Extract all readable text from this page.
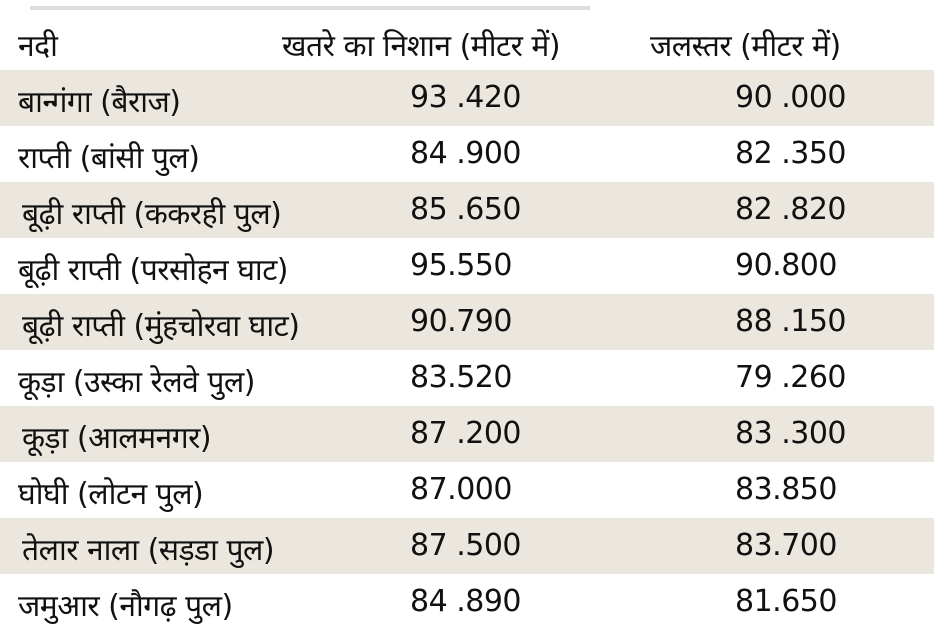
नदी	खतरे का निशान (मीटर में)	जलस्तर (मीटर में)
बान्गंगा (बैराज)	93 .420	90 .000
राप्ती (बांसी पुल)	84 .900	82 .350
बूढ़ी राप्ती (ककरही पुल)	85 .650	82 .820
बूढ़ी राप्ती (परसोहन घाट)	95.550	90.800
बूढ़ी राप्ती (मुंहचोरवा घाट)	90.790	88 .150
कूड़ा (उस्का रेलवे पुल)	83.520	79 .260
कूड़ा (आलमनगर)	87 .200	83 .300
घोघी (लोटन पुल)	87.000	83.850
तेलार नाला (सड़डा पुल)	87 .500	83.700
जमुआर (नौगढ़ पुल)	84 .890	81.650
